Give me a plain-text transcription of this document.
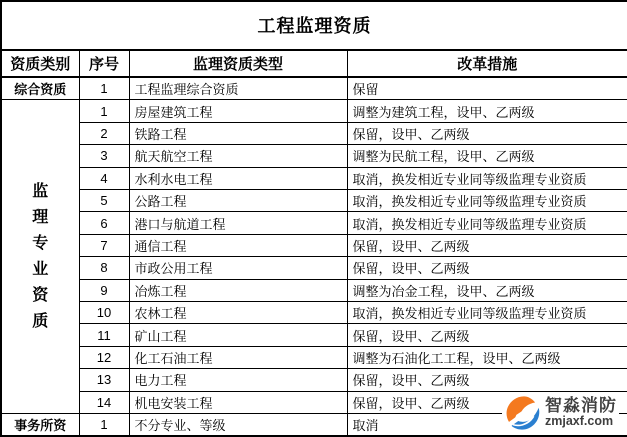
工程监理资质			
资质类别	序号	监理资质类型	改革措施
综合资质	1	工程监理综合资质	保留

监理专业资质	1	房屋建筑工程	调整为建筑工程，设甲、乙两级
	2	铁路工程	保留，设甲、乙两级
	3	航天航空工程	调整为民航工程，设甲、乙两级
	4	水利水电工程	取消，换发相近专业同等级监理专业资质
	5	公路工程	取消，换发相近专业同等级监理专业资质
	6	港口与航道工程	取消，换发相近专业同等级监理专业资质
	7	通信工程	保留，设甲、乙两级
	8	市政公用工程	保留，设甲、乙两级
	9	冶炼工程	调整为冶金工程，设甲、乙两级
	10	农林工程	取消，换发相近专业同等级监理专业资质
	11	矿山工程	保留，设甲、乙两级
	12	化工石油工程	调整为石油化工工程，设甲、乙两级
	13	电力工程	保留，设甲、乙两级
	14	机电安装工程	保留，设甲、乙两级
事务所资	1	不分专业、等级	取消
智淼消防
zmjaxf.com
